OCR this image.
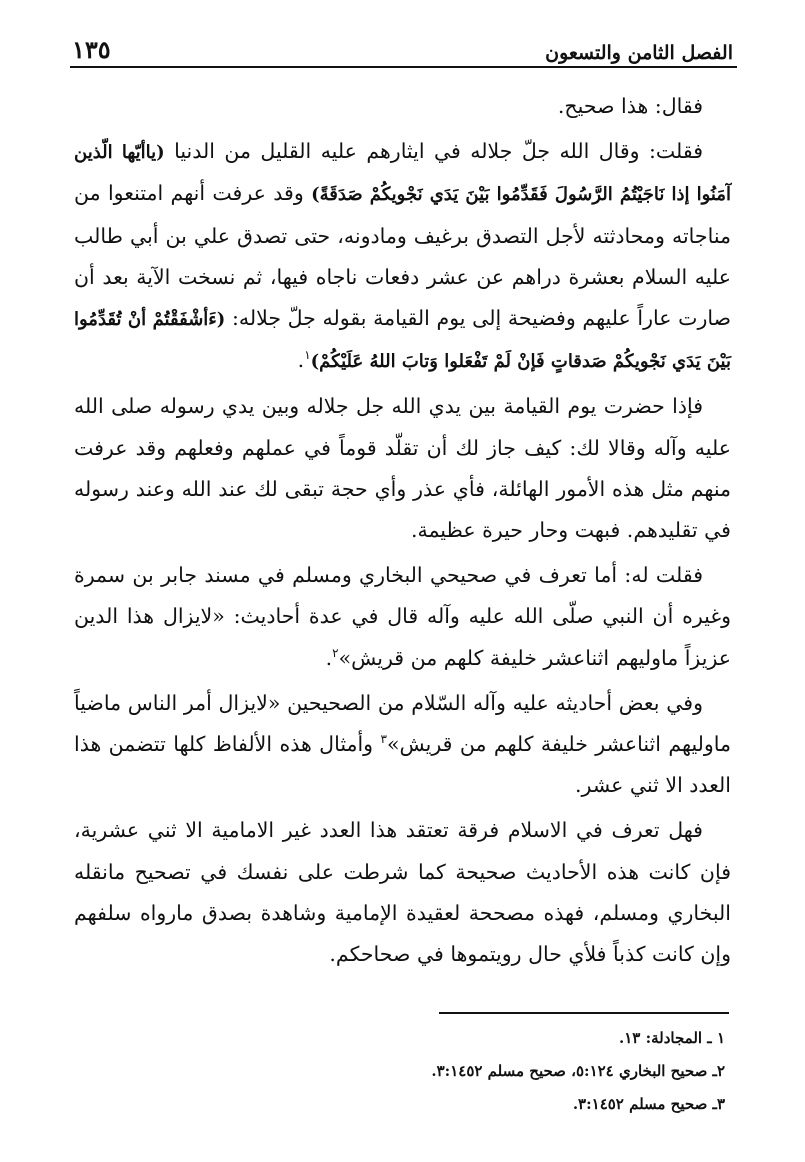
الفصل الثامن والتسعون
١٣٥

فقال: هذا صحيح.

فقلت: وقال الله جلّ جلاله في ايثارهم عليه القليل من الدنيا (ياأيّها الّذين آمَنُوا إذا نَاجَيْتُمُ الرَّسُولَ فَقَدِّمُوا بَيْنَ يَدَي نَجْويكُمْ صَدَقَةً) وقد عرفت أنهم امتنعوا من مناجاته ومحادثته لأجل التصدق برغيف ومادونه، حتى تصدق علي بن أبي طالب عليه السلام بعشرة دراهم عن عشر دفعات ناجاه فيها، ثم نسخت الآية بعد أن صارت عاراً عليهم وفضيحة إلى يوم القيامة بقوله جلّ جلاله: (ءَأشْفَقْتُمْ أنْ تُقَدِّمُوا بَيْنَ يَدَي نَجْويكُمْ صَدقاتٍ فَإنْ لَمْ تَفْعَلوا وَتابَ اللهُ عَلَيْكُمْ)$^١$.

فإذا حضرت يوم القيامة بين يدي الله جل جلاله وبين يدي رسوله صلى الله عليه وآله وقالا لك: كيف جاز لك أن تقلّد قوماً في عملهم وفعلهم وقد عرفت منهم مثل هذه الأمور الهائلة، فأي عذر وأي حجة تبقى لك عند الله وعند رسوله في تقليدهم. فبهت وحار حيرة عظيمة.

فقلت له: أما تعرف في صحيحي البخاري ومسلم في مسند جابر بن سمرة وغيره أن النبي صلّى الله عليه وآله قال في عدة أحاديث: «لايزال هذا الدين عزيزاً ماوليهم اثناعشر خليفة كلهم من قريش»$^٢$.

وفي بعض أحاديثه عليه وآله السّلام من الصحيحين «لايزال أمر الناس ماضياً ماوليهم اثناعشر خليفة كلهم من قريش»$^٣$ وأمثال هذه الألفاظ كلها تتضمن هذا العدد الا ثني عشر.

فهل تعرف في الاسلام فرقة تعتقد هذا العدد غير الامامية الا ثني عشرية، فإن كانت هذه الأحاديث صحيحة كما شرطت على نفسك في تصحيح مانقله البخاري ومسلم، فهذه مصححة لعقيدة الإمامية وشاهدة بصدق مارواه سلفهم وإن كانت كذباً فلأي حال رويتموها في صحاحكم.

١ ـ المجادلة: ١٣.
٢ـ صحيح البخاري ٥:١٢٤، صحيح مسلم ٣:١٤٥٢.
٣ـ صحيح مسلم ٣:١٤٥٢.
